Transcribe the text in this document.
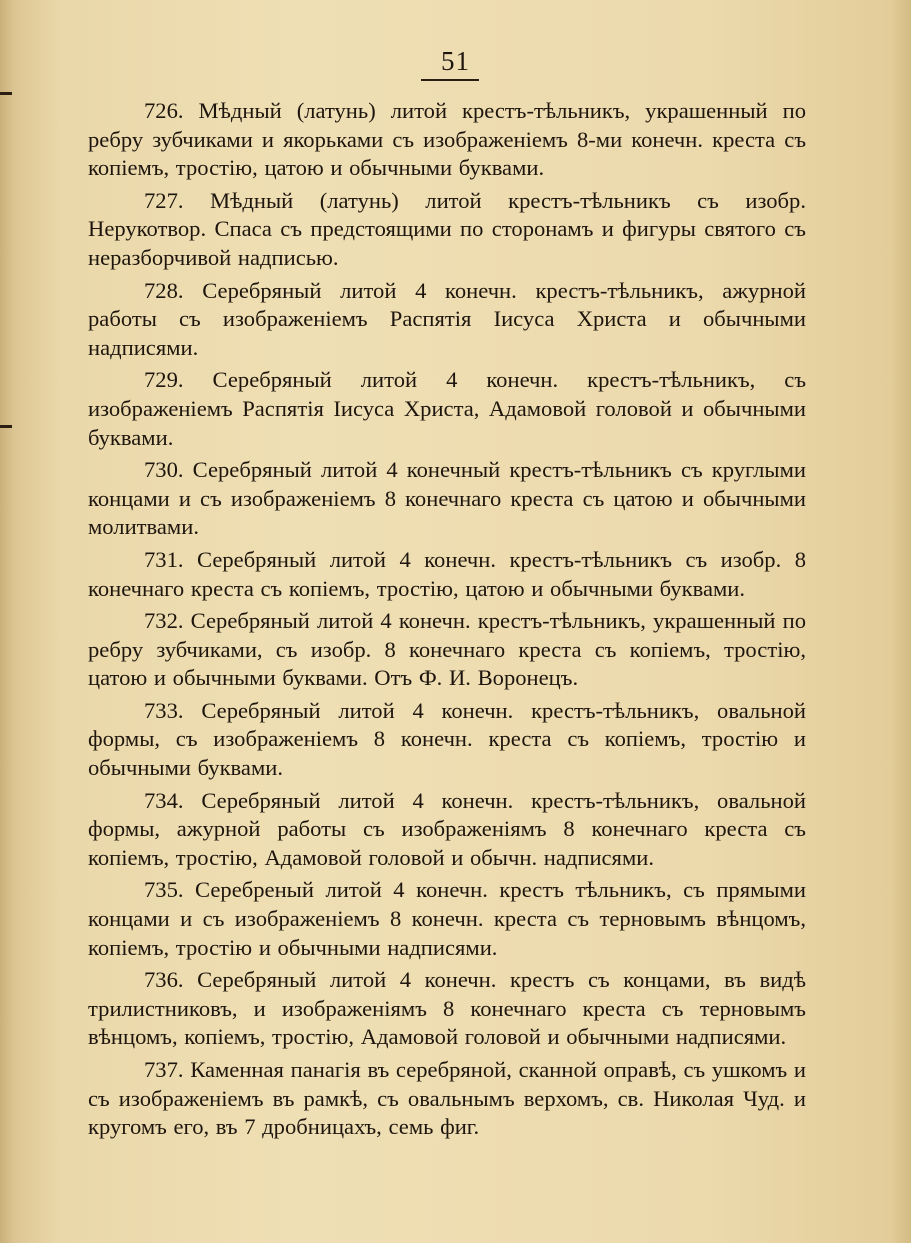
51

726. Мѣдный (латунь) литой крестъ-тѣльникъ, украшенный по ребру зубчиками и якорьками съ изображеніемъ 8-ми конечн. креста съ копіемъ, тростію, цатою и обычными буквами.

727. Мѣдный (латунь) литой крестъ-тѣльникъ съ изобр. Нерукотвор. Спаса съ предстоящими по сторонамъ и фигуры святого съ неразборчивой надписью.

728. Серебряный литой 4 конечн. крестъ-тѣльникъ, ажурной работы съ изображеніемъ Распятія Іисуса Христа и обычными надписями.

729. Серебряный литой 4 конечн. крестъ-тѣльникъ, съ изображеніемъ Распятія Іисуса Христа, Адамовой головой и обычными буквами.

730. Серебряный литой 4 конечный крестъ-тѣльникъ съ круглыми концами и съ изображеніемъ 8 конечнаго креста съ цатою и обычными молитвами.

731. Серебряный литой 4 конечн. крестъ-тѣльникъ съ изобр. 8 конечнаго креста съ копіемъ, тростію, цатою и обычными буквами.

732. Серебряный литой 4 конечн. крестъ-тѣльникъ, украшенный по ребру зубчиками, съ изобр. 8 конечнаго креста съ копіемъ, тростію, цатою и обычными буквами. Отъ Ф. И. Воронецъ.

733. Серебряный литой 4 конечн. крестъ-тѣльникъ, овальной формы, съ изображеніемъ 8 конечн. креста съ копіемъ, тростію и обычными буквами.

734. Серебряный литой 4 конечн. крестъ-тѣльникъ, овальной формы, ажурной работы съ изображеніямъ 8 конечнаго креста съ копіемъ, тростію, Адамовой головой и обычн. надписями.

735. Серебреный литой 4 конечн. крестъ тѣльникъ, съ прямыми концами и съ изображеніемъ 8 конечн. креста съ терновымъ вѣнцомъ, копіемъ, тростію и обычными надписями.

736. Серебряный литой 4 конечн. крестъ съ концами, въ видѣ трилистниковъ, и изображеніямъ 8 конечнаго креста съ терновымъ вѣнцомъ, копіемъ, тростію, Адамовой головой и обычными надписями.

737. Каменная панагія въ серебряной, сканной оправѣ, съ ушкомъ и съ изображеніемъ въ рамкѣ, съ овальнымъ верхомъ, св. Николая Чуд. и кругомъ его, въ 7 дробницахъ, семь фиг.
